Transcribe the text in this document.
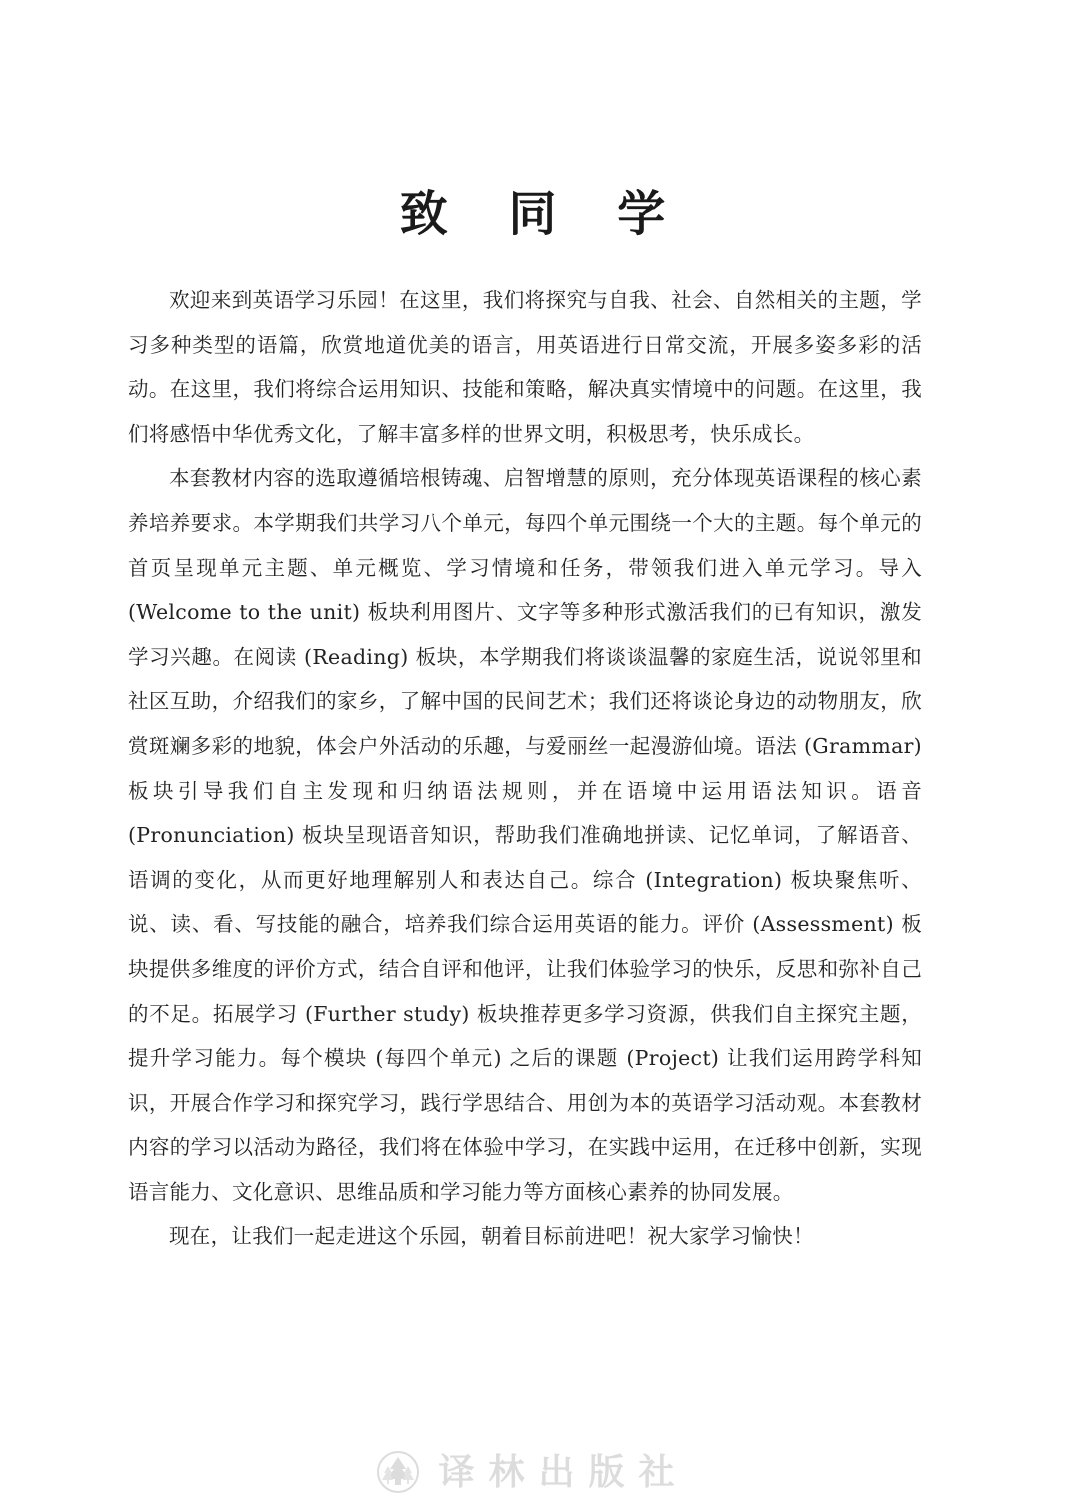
致 同 学

欢迎来到英语学习乐园！在这里，我们将探究与自我、社会、自然相关的主题，学习多种类型的语篇，欣赏地道优美的语言，用英语进行日常交流，开展多姿多彩的活动。在这里，我们将综合运用知识、技能和策略，解决真实情境中的问题。在这里，我们将感悟中华优秀文化，了解丰富多样的世界文明，积极思考，快乐成长。

本套教材内容的选取遵循培根铸魂、启智增慧的原则，充分体现英语课程的核心素养培养要求。本学期我们共学习八个单元，每四个单元围绕一个大的主题。每个单元的首页呈现单元主题、单元概览、学习情境和任务，带领我们进入单元学习。导入 (Welcome to the unit) 板块利用图片、文字等多种形式激活我们的已有知识，激发学习兴趣。在阅读 (Reading) 板块，本学期我们将谈谈温馨的家庭生活，说说邻里和社区互助，介绍我们的家乡，了解中国的民间艺术；我们还将谈论身边的动物朋友，欣赏斑斓多彩的地貌，体会户外活动的乐趣，与爱丽丝一起漫游仙境。语法 (Grammar) 板块引导我们自主发现和归纳语法规则，并在语境中运用语法知识。语音 (Pronunciation) 板块呈现语音知识，帮助我们准确地拼读、记忆单词，了解语音、语调的变化，从而更好地理解别人和表达自己。综合 (Integration) 板块聚焦听、说、读、看、写技能的融合，培养我们综合运用英语的能力。评价 (Assessment) 板块提供多维度的评价方式，结合自评和他评，让我们体验学习的快乐，反思和弥补自己的不足。拓展学习 (Further study) 板块推荐更多学习资源，供我们自主探究主题，提升学习能力。每个模块 (每四个单元) 之后的课题 (Project) 让我们运用跨学科知识，开展合作学习和探究学习，践行学思结合、用创为本的英语学习活动观。本套教材内容的学习以活动为路径，我们将在体验中学习，在实践中运用，在迁移中创新，实现语言能力、文化意识、思维品质和学习能力等方面核心素养的协同发展。

现在，让我们一起走进这个乐园，朝着目标前进吧！祝大家学习愉快！

译林出版社
